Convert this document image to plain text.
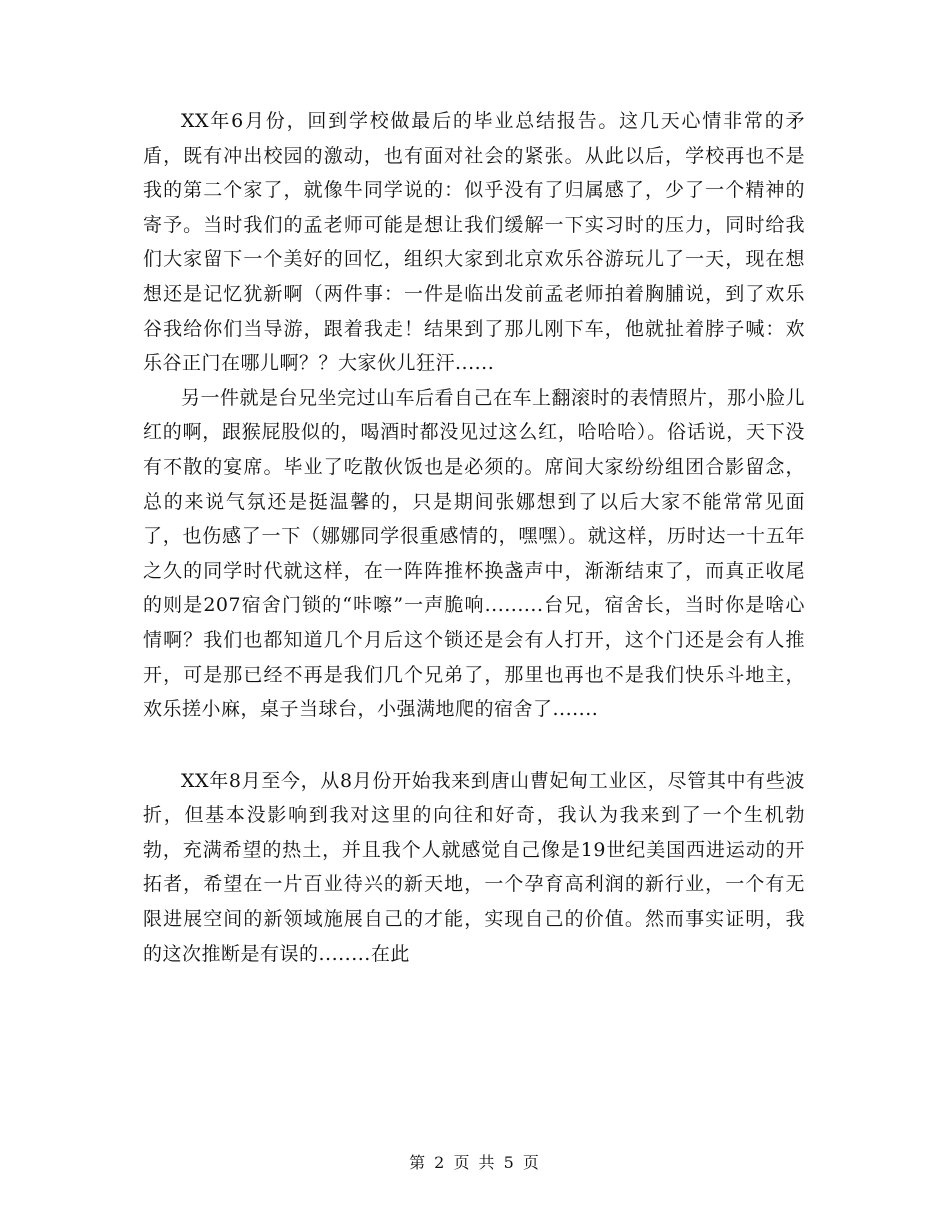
XX年6月份，回到学校做最后的毕业总结报告。这几天心情非常的矛盾，既有冲出校园的激动，也有面对社会的紧张。从此以后，学校再也不是我的第二个家了，就像牛同学说的：似乎没有了归属感了，少了一个精神的寄予。当时我们的孟老师可能是想让我们缓解一下实习时的压力，同时给我们大家留下一个美好的回忆，组织大家到北京欢乐谷游玩儿了一天，现在想想还是记忆犹新啊（两件事：一件是临出发前孟老师拍着胸脯说，到了欢乐谷我给你们当导游，跟着我走！结果到了那儿刚下车，他就扯着脖子喊：欢乐谷正门在哪儿啊？？大家伙儿狂汗......

另一件就是台兄坐完过山车后看自己在车上翻滚时的表情照片，那小脸儿红的啊，跟猴屁股似的，喝酒时都没见过这么红，哈哈哈）。俗话说，天下没有不散的宴席。毕业了吃散伙饭也是必须的。席间大家纷纷组团合影留念，总的来说气氛还是挺温馨的，只是期间张娜想到了以后大家不能常常见面了，也伤感了一下（娜娜同学很重感情的，嘿嘿）。就这样，历时达一十五年之久的同学时代就这样，在一阵阵推杯换盏声中，渐渐结束了，而真正收尾的则是207宿舍门锁的“咔嚓”一声脆响.........台兄，宿舍长，当时你是啥心情啊？我们也都知道几个月后这个锁还是会有人打开，这个门还是会有人推开，可是那已经不再是我们几个兄弟了，那里也再也不是我们快乐斗地主，欢乐搓小麻，桌子当球台，小强满地爬的宿舍了.......

XX年8月至今，从8月份开始我来到唐山曹妃甸工业区，尽管其中有些波折，但基本没影响到我对这里的向往和好奇，我认为我来到了一个生机勃勃，充满希望的热土，并且我个人就感觉自己像是19世纪美国西进运动的开拓者，希望在一片百业待兴的新天地，一个孕育高利润的新行业，一个有无限进展空间的新领域施展自己的才能，实现自己的价值。然而事实证明，我的这次推断是有误的........在此

第 2 页 共 5 页
